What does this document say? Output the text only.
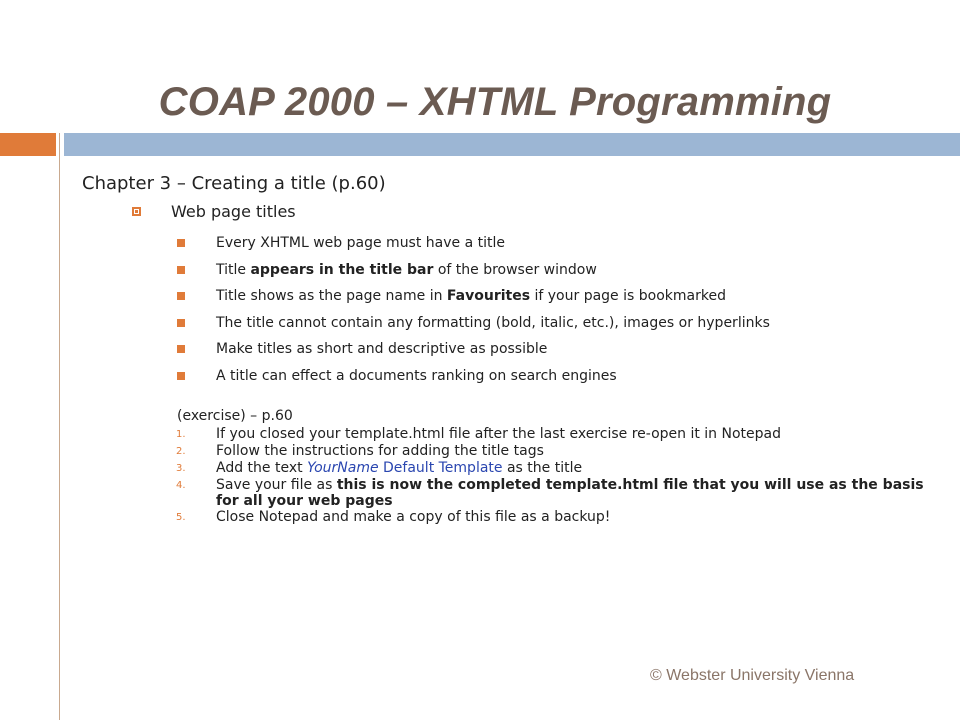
COAP 2000 – XHTML Programming
Chapter 3 – Creating a title (p.60)
Web page titles
Every XHTML web page must have a title
Title appears in the title bar of the browser window
Title shows as the page name in Favourites if your page is bookmarked
The title cannot contain any formatting (bold, italic, etc.), images or hyperlinks
Make titles as short and descriptive as possible
A title can effect a documents ranking on search engines
(exercise) – p.60
1.	If you closed your template.html file after the last exercise re-open it in Notepad
2.	Follow the instructions for adding the title tags
3.	Add the text YourName Default Template as the title
4.	Save your file as this is now the completed template.html file that you will use as the basis for all your web pages
5.	Close Notepad and make a copy of this file as a backup!
© Webster University Vienna
